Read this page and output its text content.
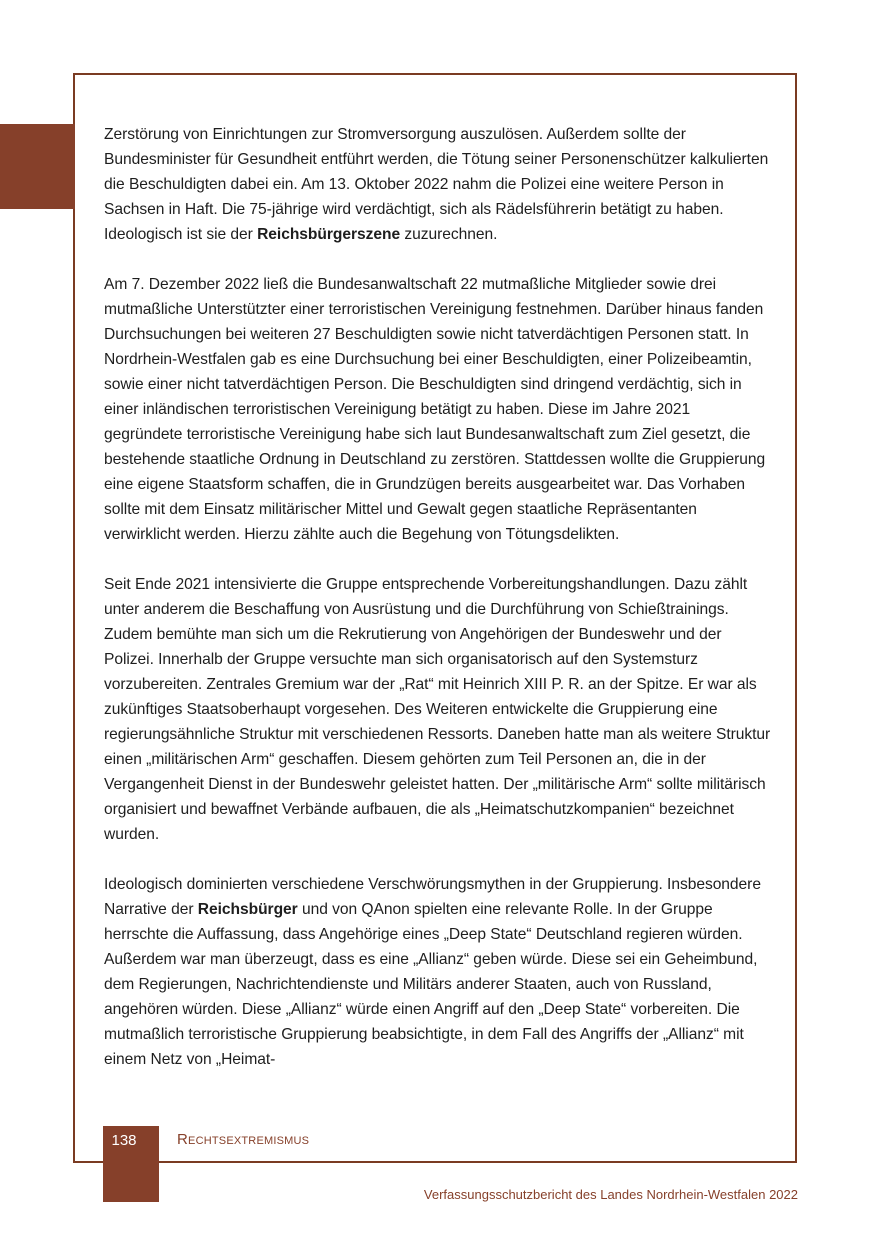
Zerstörung von Einrichtungen zur Stromversorgung auszulösen. Außerdem sollte der Bundesminister für Gesundheit entführt werden, die Tötung seiner Personenschützer kalkulierten die Beschuldigten dabei ein. Am 13. Oktober 2022 nahm die Polizei eine weitere Person in Sachsen in Haft. Die 75-jährige wird verdächtigt, sich als Rädelsführerin betätigt zu haben. Ideologisch ist sie der Reichsbürgerszene zuzurechnen.

Am 7. Dezember 2022 ließ die Bundesanwaltschaft 22 mutmaßliche Mitglieder sowie drei mutmaßliche Unterstützter einer terroristischen Vereinigung festnehmen. Darüber hinaus fanden Durchsuchungen bei weiteren 27 Beschuldigten sowie nicht tatverdächtigen Personen statt. In Nordrhein-Westfalen gab es eine Durchsuchung bei einer Beschuldigten, einer Polizeibeamtin, sowie einer nicht tatverdächtigen Person. Die Beschuldigten sind dringend verdächtig, sich in einer inländischen terroristischen Vereinigung betätigt zu haben. Diese im Jahre 2021 gegründete terroristische Vereinigung habe sich laut Bundesanwaltschaft zum Ziel gesetzt, die bestehende staatliche Ordnung in Deutschland zu zerstören. Stattdessen wollte die Gruppierung eine eigene Staatsform schaffen, die in Grundzügen bereits ausgearbeitet war. Das Vorhaben sollte mit dem Einsatz militärischer Mittel und Gewalt gegen staatliche Repräsentanten verwirklicht werden. Hierzu zählte auch die Begehung von Tötungsdelikten.

Seit Ende 2021 intensivierte die Gruppe entsprechende Vorbereitungshandlungen. Dazu zählt unter anderem die Beschaffung von Ausrüstung und die Durchführung von Schießtrainings. Zudem bemühte man sich um die Rekrutierung von Angehörigen der Bundeswehr und der Polizei. Innerhalb der Gruppe versuchte man sich organisatorisch auf den Systemsturz vorzubereiten. Zentrales Gremium war der „Rat“ mit Heinrich XIII P. R. an der Spitze. Er war als zukünftiges Staatsoberhaupt vorgesehen. Des Weiteren entwickelte die Gruppierung eine regierungsähnliche Struktur mit verschiedenen Ressorts. Daneben hatte man als weitere Struktur einen „militärischen Arm“ geschaffen. Diesem gehörten zum Teil Personen an, die in der Vergangenheit Dienst in der Bundeswehr geleistet hatten. Der „militärische Arm“ sollte militärisch organisiert und bewaffnet Verbände aufbauen, die als „Heimatschutzkompanien“ bezeichnet wurden.

Ideologisch dominierten verschiedene Verschwörungsmythen in der Gruppierung. Insbesondere Narrative der Reichsbürger und von QAnon spielten eine relevante Rolle. In der Gruppe herrschte die Auffassung, dass Angehörige eines „Deep State“ Deutschland regieren würden. Außerdem war man überzeugt, dass es eine „Allianz“ geben würde. Diese sei ein Geheimbund, dem Regierungen, Nachrichtendienste und Militärs anderer Staaten, auch von Russland, angehören würden. Diese „Allianz“ würde einen Angriff auf den „Deep State“ vorbereiten. Die mutmaßlich terroristische Gruppierung beabsichtigte, in dem Fall des Angriffs der „Allianz“ mit einem Netz von „Heimat-

138	Rechtsextremismus
Verfassungsschutzbericht des Landes Nordrhein-Westfalen 2022
